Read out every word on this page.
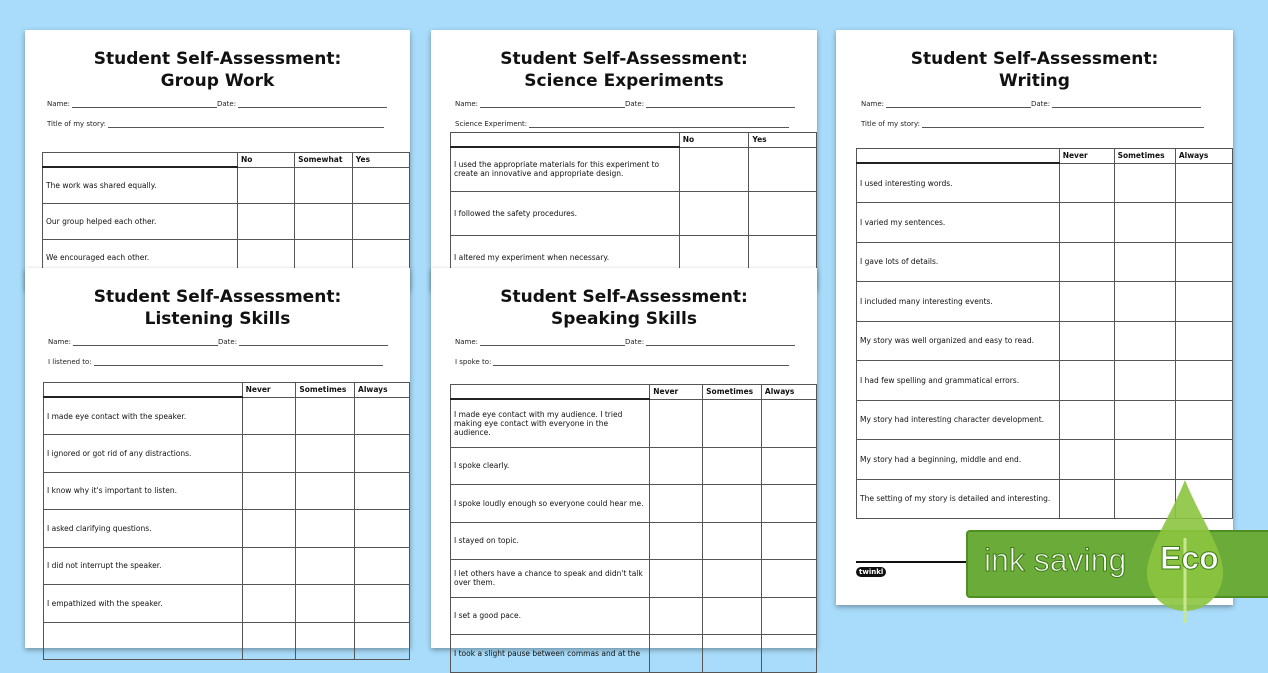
Student Self-Assessment:
Group Work
Name:	Date:
Title of my story:
	No	Somewhat	Yes
The work was shared equally.			
Our group helped each other.			
We encouraged each other.			
Student Self-Assessment:
Science Experiments
Name:	Date:
Science Experiment:
	No	Yes
I used the appropriate materials for this experiment to create an innovative and appropriate design.		
I followed the safety procedures.		
I altered my experiment when necessary.		
Student Self-Assessment:
Writing
Name:	Date:
Title of my story:
	Never	Sometimes	Always
I used interesting words.			
I varied my sentences.			
I gave lots of details.			
I included many interesting events.			
My story was well organized and easy to read.			
I had few spelling and grammatical errors.			
My story had interesting character development.			
My story had a beginning, middle and end.			
The setting of my story is detailed and interesting.			
twinkl
Student Self-Assessment:
Listening Skills
Name:	Date:
I listened to:
	Never	Sometimes	Always
I made eye contact with the speaker.			
I ignored or got rid of any distractions.			
I know why it's important to listen.			
I asked clarifying questions.			
I did not interrupt the speaker.			
I empathized with the speaker.			

Student Self-Assessment:
Speaking Skills
Name:	Date:
I spoke to:
	Never	Sometimes	Always
I made eye contact with my audience. I tried making eye contact with everyone in the audience.			
I spoke clearly.			
I spoke loudly enough so everyone could hear me.			
I stayed on topic.			
I let others have a chance to speak and didn't talk over them.			
I set a good pace.			
I took a slight pause between commas and at the			
ink saving Eco
